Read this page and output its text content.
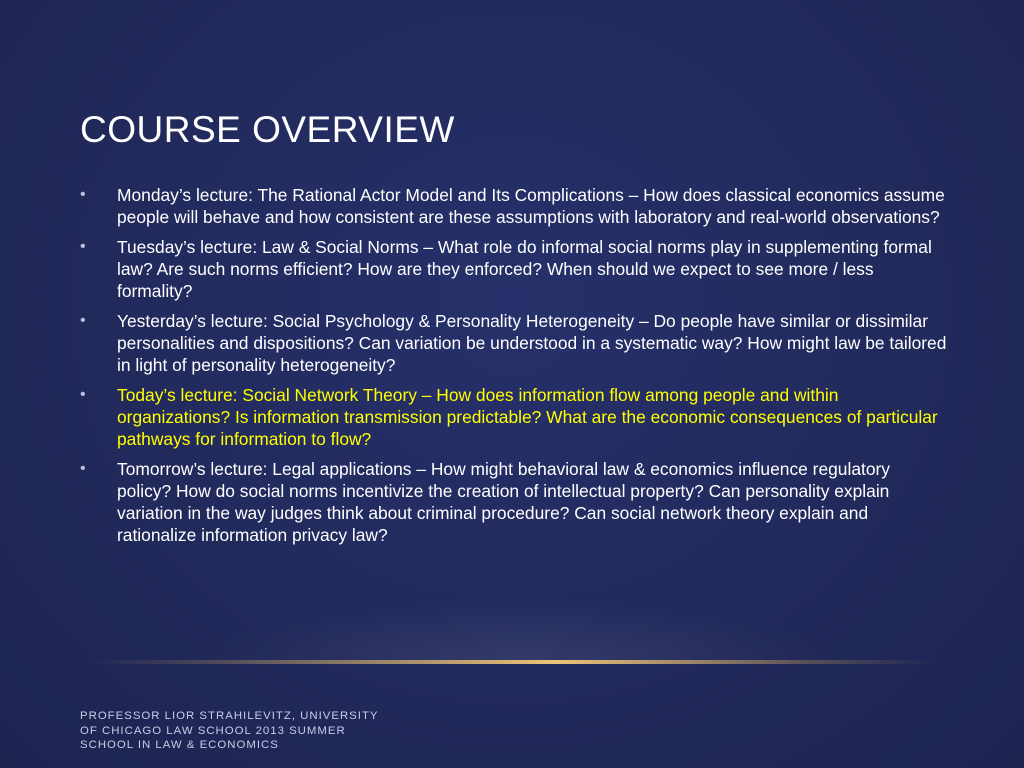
COURSE OVERVIEW
• Monday’s lecture: The Rational Actor Model and Its Complications – How does classical economics assume people will behave and how consistent are these assumptions with laboratory and real-world observations?
• Tuesday’s lecture: Law & Social Norms – What role do informal social norms play in supplementing formal law? Are such norms efficient? How are they enforced? When should we expect to see more / less formality?
• Yesterday’s lecture: Social Psychology & Personality Heterogeneity – Do people have similar or dissimilar personalities and dispositions? Can variation be understood in a systematic way? How might law be tailored in light of personality heterogeneity?
• Today’s lecture: Social Network Theory – How does information flow among people and within organizations? Is information transmission predictable? What are the economic consequences of particular pathways for information to flow?
• Tomorrow’s lecture: Legal applications – How might behavioral law & economics influence regulatory policy? How do social norms incentivize the creation of intellectual property? Can personality explain variation in the way judges think about criminal procedure? Can social network theory explain and rationalize information privacy law?
PROFESSOR LIOR STRAHILEVITZ, UNIVERSITY OF CHICAGO LAW SCHOOL 2013 SUMMER SCHOOL IN LAW & ECONOMICS
